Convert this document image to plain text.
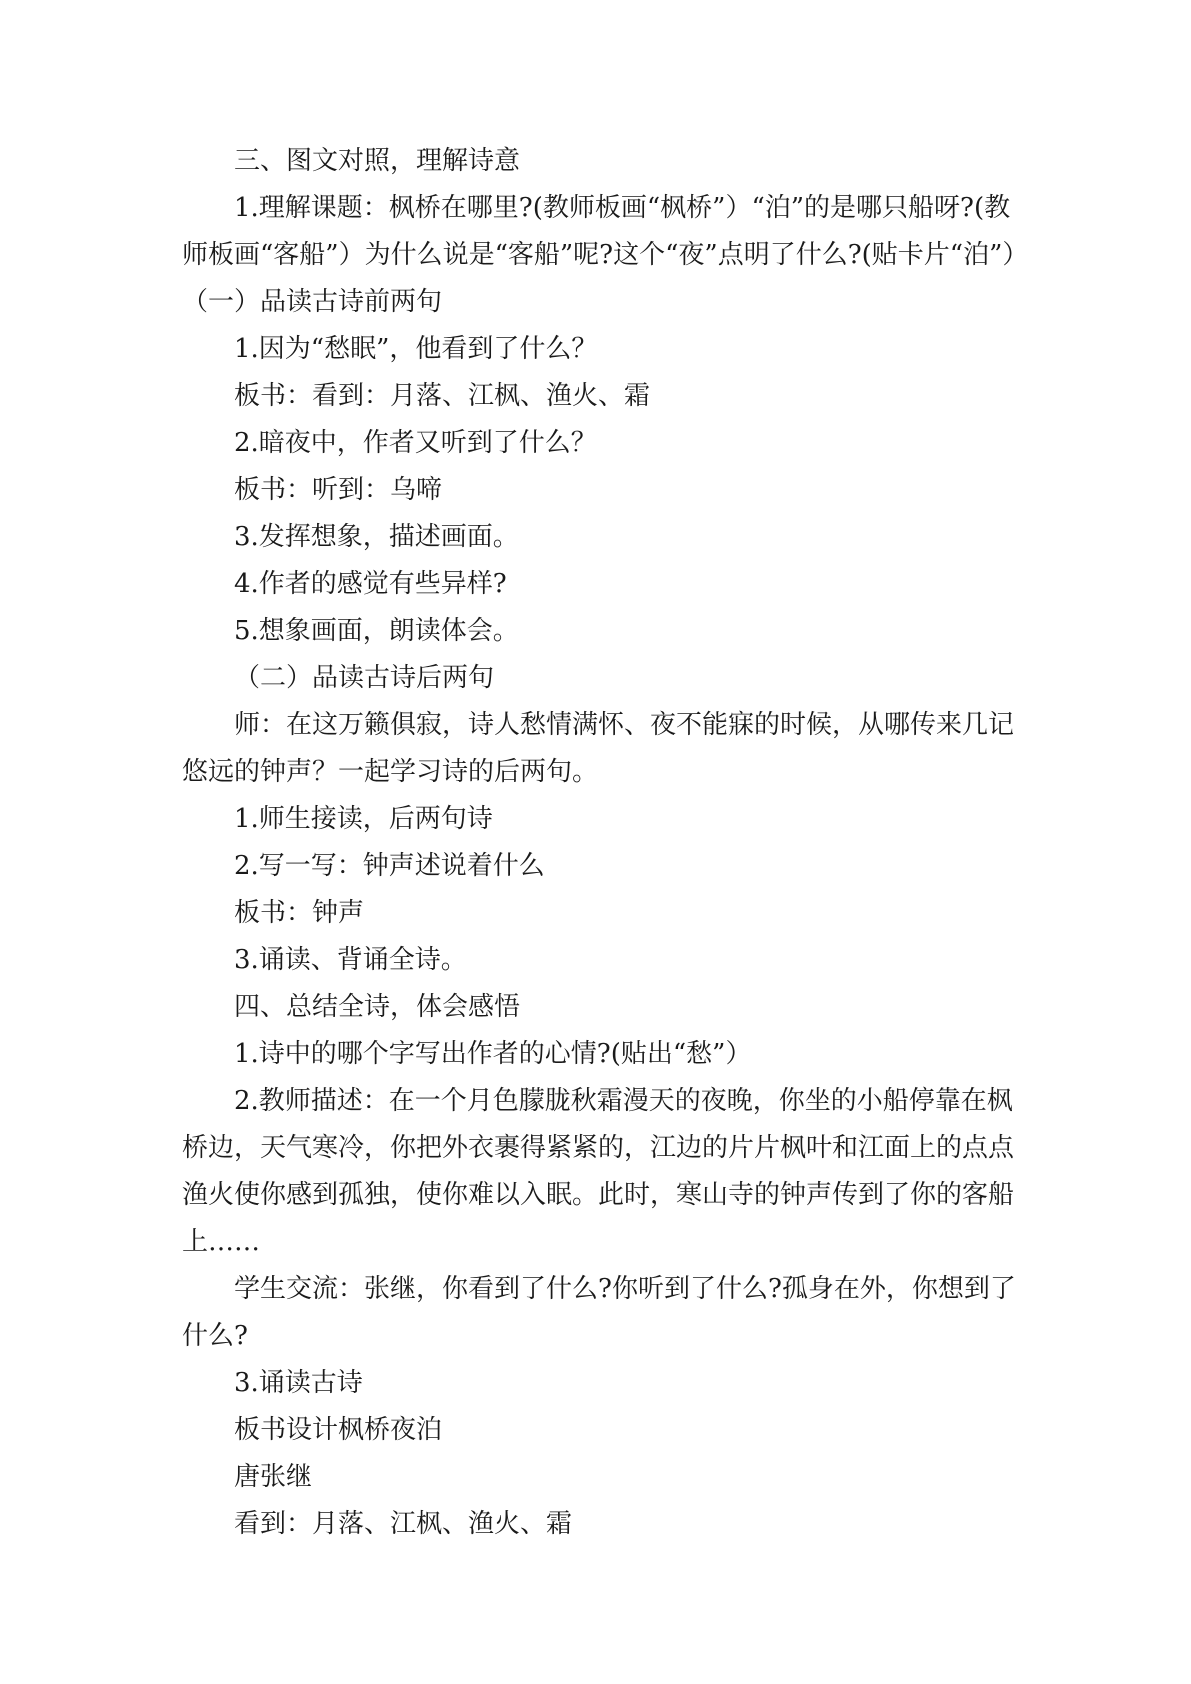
三、图文对照，理解诗意

1.理解课题：枫桥在哪里?(教师板画“枫桥”）“泊”的是哪只船呀?(教师板画“客船”）为什么说是“客船”呢?这个“夜”点明了什么?(贴卡片“泊”）（一）品读古诗前两句

1.因为“愁眠”，他看到了什么？

板书：看到：月落、江枫、渔火、霜

2.暗夜中，作者又听到了什么？

板书：听到：乌啼

3.发挥想象，描述画面。

4.作者的感觉有些异样?

5.想象画面，朗读体会。

（二）品读古诗后两句

师：在这万籁俱寂，诗人愁情满怀、夜不能寐的时候，从哪传来几记悠远的钟声？一起学习诗的后两句。

1.师生接读，后两句诗

2.写一写：钟声述说着什么

板书：钟声

3.诵读、背诵全诗。

四、总结全诗，体会感悟

1.诗中的哪个字写出作者的心情?(贴出“愁”）

2.教师描述：在一个月色朦胧秋霜漫天的夜晚，你坐的小船停靠在枫桥边，天气寒冷，你把外衣裹得紧紧的，江边的片片枫叶和江面上的点点渔火使你感到孤独，使你难以入眠。此时，寒山寺的钟声传到了你的客船上……

学生交流：张继，你看到了什么?你听到了什么?孤身在外，你想到了什么?

3.诵读古诗

板书设计枫桥夜泊

唐张继

看到：月落、江枫、渔火、霜
